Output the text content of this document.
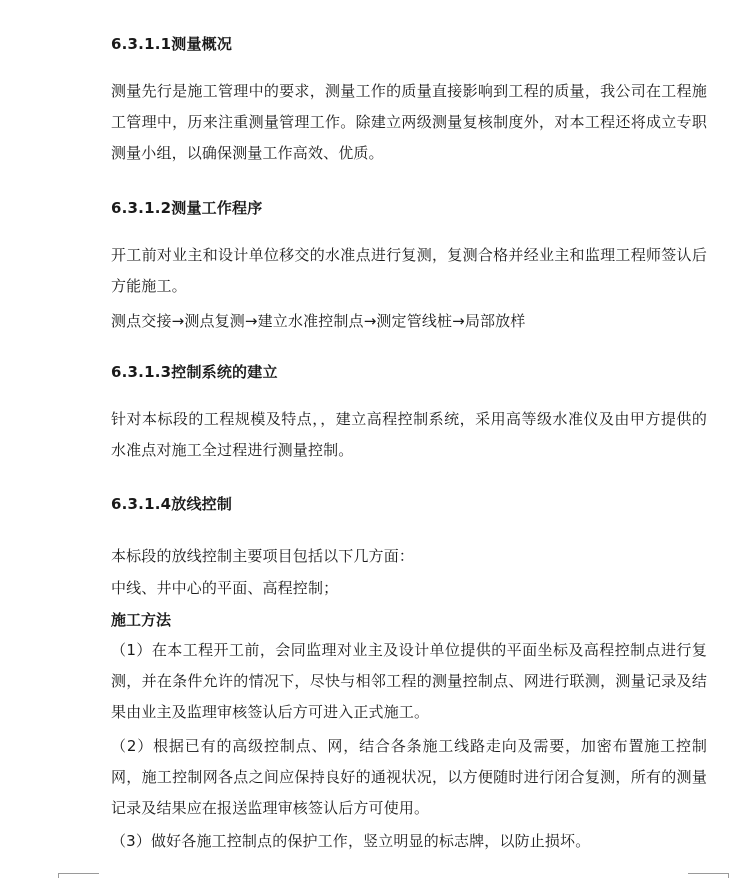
6.3.1.1测量概况
测量先行是施工管理中的要求，测量工作的质量直接影响到工程的质量，我公司在工程施工管理中，历来注重测量管理工作。除建立两级测量复核制度外，对本工程还将成立专职测量小组，以确保测量工作高效、优质。
6.3.1.2测量工作程序
开工前对业主和设计单位移交的水准点进行复测，复测合格并经业主和监理工程师签认后方能施工。
测点交接→测点复测→建立水准控制点→测定管线桩→局部放样
6.3.1.3控制系统的建立
针对本标段的工程规模及特点，，建立高程控制系统，采用高等级水准仪及由甲方提供的水准点对施工全过程进行测量控制。
6.3.1.4放线控制
本标段的放线控制主要项目包括以下几方面：
中线、井中心的平面、高程控制；
施工方法
（1）在本工程开工前，会同监理对业主及设计单位提供的平面坐标及高程控制点进行复测，并在条件允许的情况下，尽快与相邻工程的测量控制点、网进行联测，测量记录及结果由业主及监理审核签认后方可进入正式施工。
（2）根据已有的高级控制点、网，结合各条施工线路走向及需要，加密布置施工控制网，施工控制网各点之间应保持良好的通视状况，以方便随时进行闭合复测，所有的测量记录及结果应在报送监理审核签认后方可使用。
（3）做好各施工控制点的保护工作，竖立明显的标志牌，以防止损坏。
